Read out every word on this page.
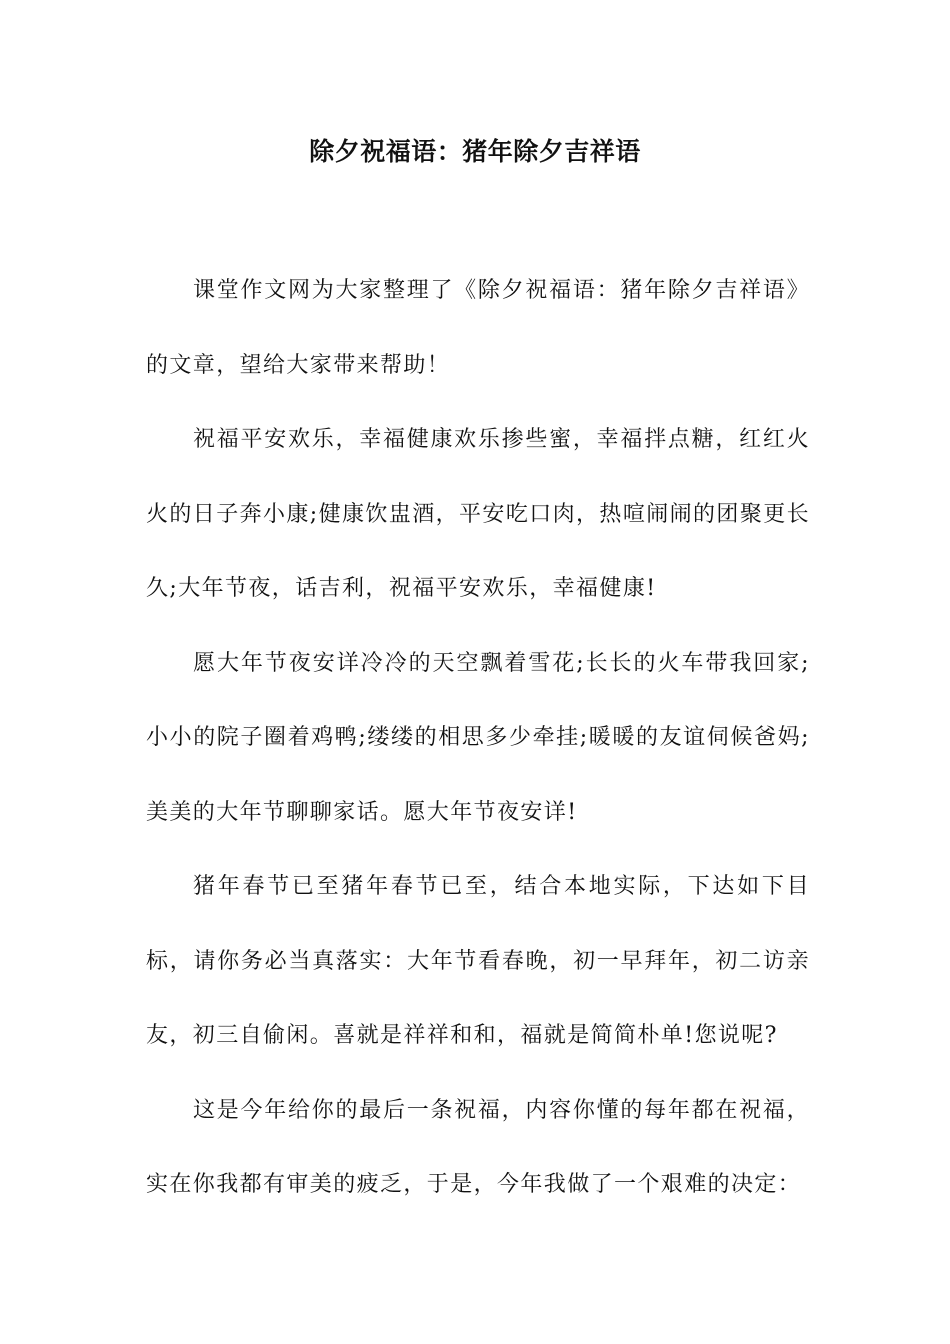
除夕祝福语：猪年除夕吉祥语

课堂作文网为大家整理了《除夕祝福语：猪年除夕吉祥语》的文章，望给大家带来帮助！

祝福平安欢乐，幸福健康欢乐掺些蜜，幸福拌点糖，红红火火的日子奔小康;健康饮盅酒，平安吃口肉，热喧闹闹的团聚更长久;大年节夜，话吉利，祝福平安欢乐，幸福健康!

愿大年节夜安详冷冷的天空飘着雪花;长长的火车带我回家;小小的院子圈着鸡鸭;缕缕的相思多少牵挂;暖暖的友谊伺候爸妈;美美的大年节聊聊家话。愿大年节夜安详!

猪年春节已至猪年春节已至，结合本地实际，下达如下目标，请你务必当真落实：大年节看春晚，初一早拜年，初二访亲友，初三自偷闲。喜就是祥祥和和，福就是简简朴单!您说呢?

这是今年给你的最后一条祝福，内容你懂的每年都在祝福，实在你我都有审美的疲乏，于是，今年我做了一个艰难的决定：
